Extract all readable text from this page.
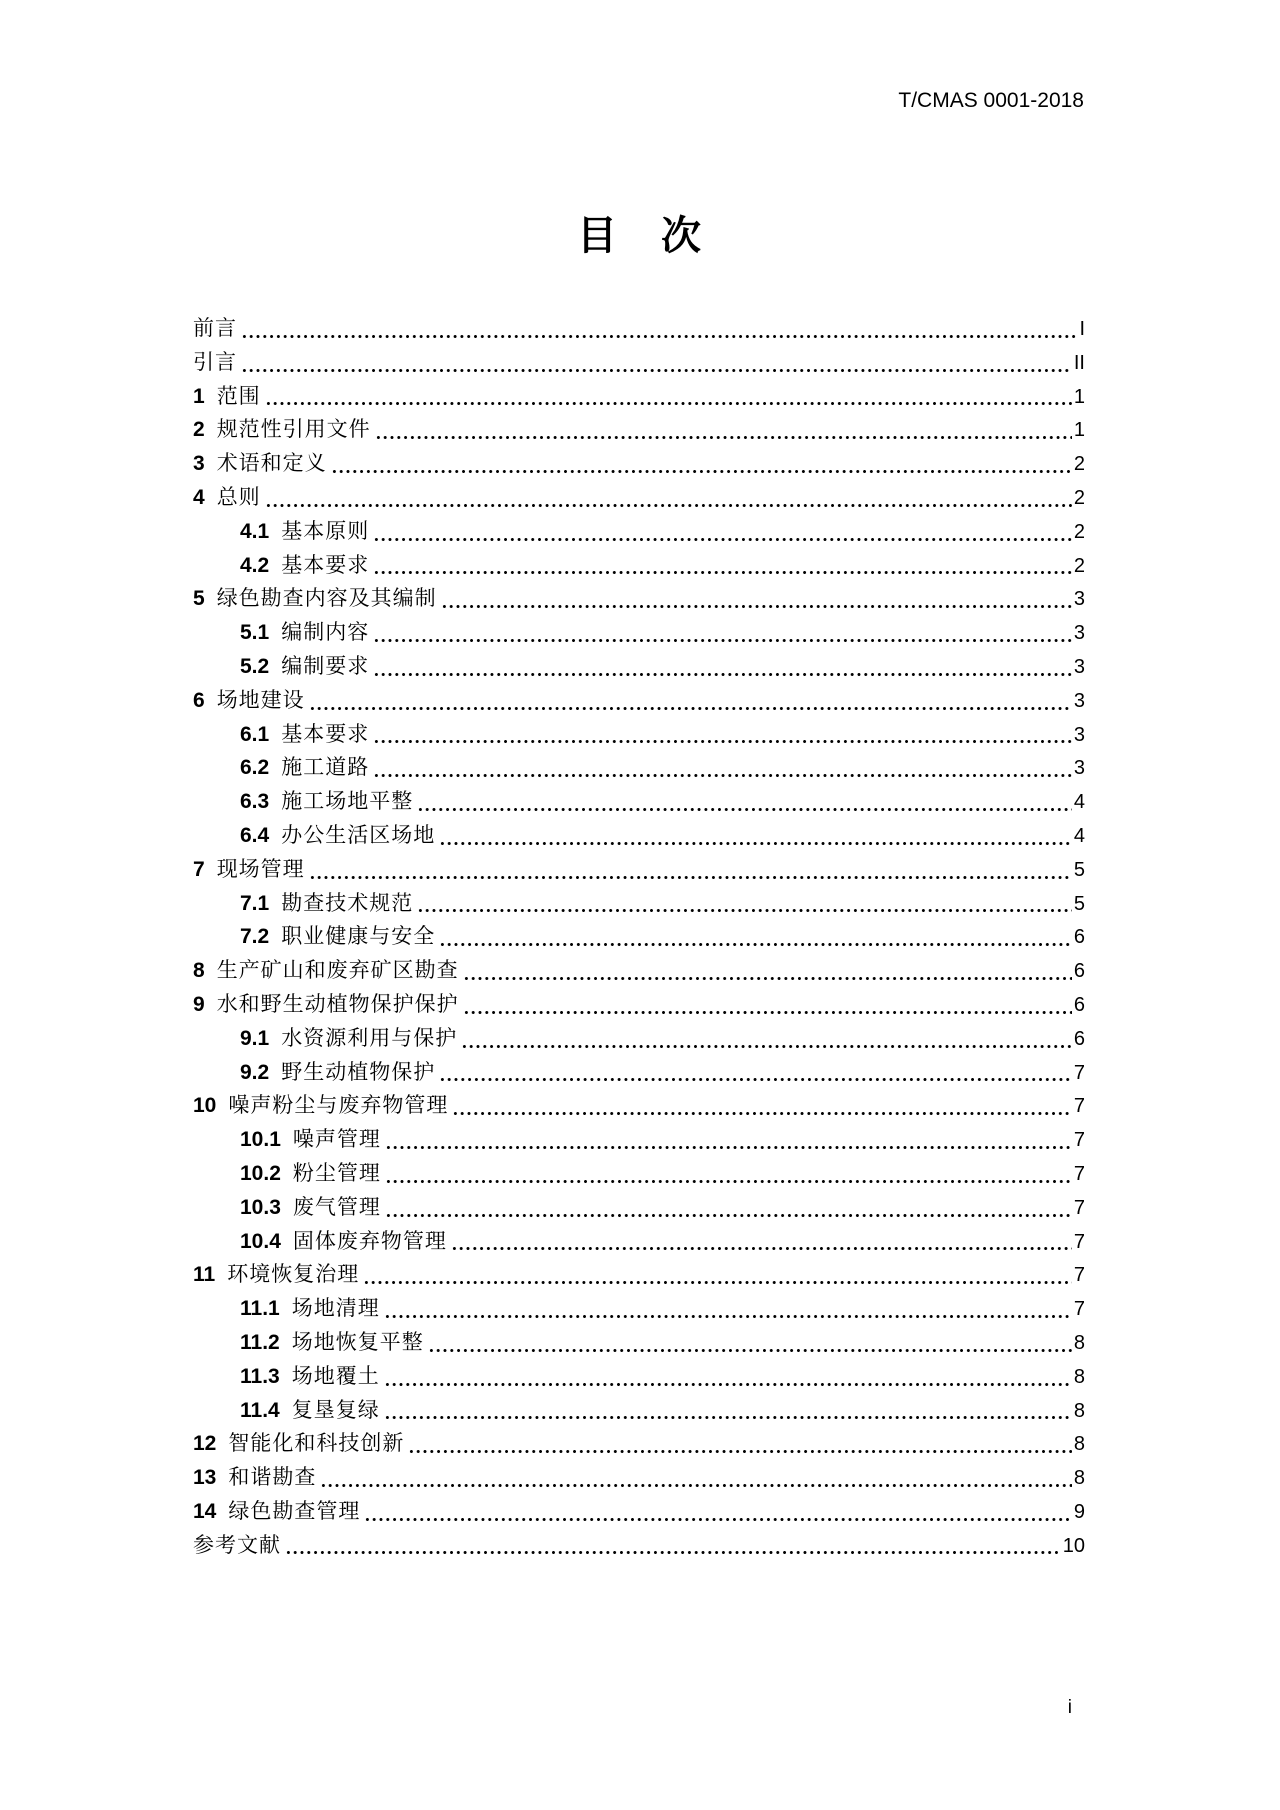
T/CMAS 0001-2018
目　次
前言	I
引言	II
1 范围	1
2 规范性引用文件	1
3 术语和定义	2
4 总则	2
4.1 基本原则	2
4.2 基本要求	2
5 绿色勘查内容及其编制	3
5.1 编制内容	3
5.2 编制要求	3
6 场地建设	3
6.1 基本要求	3
6.2 施工道路	3
6.3 施工场地平整	4
6.4 办公生活区场地	4
7 现场管理	5
7.1 勘查技术规范	5
7.2 职业健康与安全	6
8 生产矿山和废弃矿区勘查	6
9 水和野生动植物保护保护	6
9.1 水资源利用与保护	6
9.2 野生动植物保护	7
10 噪声粉尘与废弃物管理	7
10.1 噪声管理	7
10.2 粉尘管理	7
10.3 废气管理	7
10.4 固体废弃物管理	7
11 环境恢复治理	7
11.1 场地清理	7
11.2 场地恢复平整	8
11.3 场地覆土	8
11.4 复垦复绿	8
12 智能化和科技创新	8
13 和谐勘查	8
14 绿色勘查管理	9
参考文献	10
i
